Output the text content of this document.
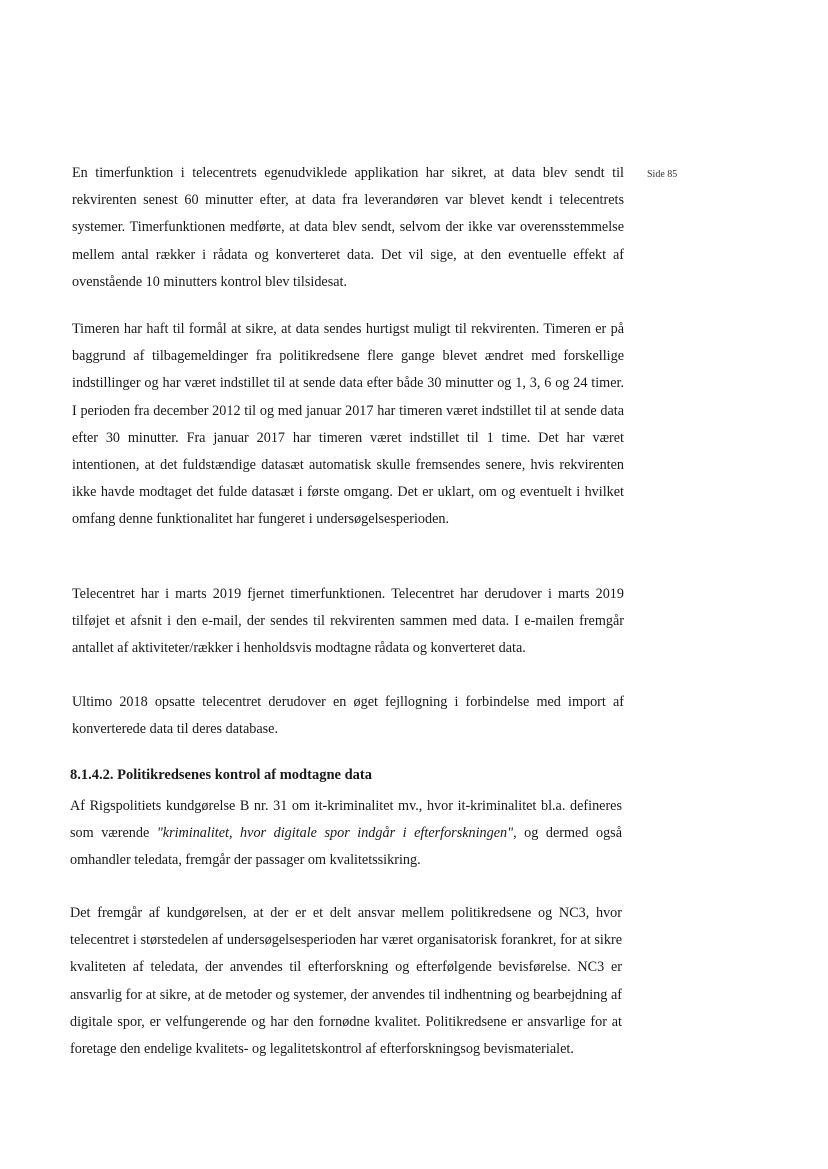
Side 85

En timerfunktion i telecentrets egenudviklede applikation har sikret, at data blev sendt til rekvirenten senest 60 minutter efter, at data fra leverandøren var blevet kendt i telecentrets systemer. Timerfunktionen medførte, at data blev sendt, selvom der ikke var overensstemmelse mellem antal rækker i rådata og konverteret data. Det vil sige, at den eventuelle effekt af ovenstående 10 minutters kontrol blev tilsidesat.

Timeren har haft til formål at sikre, at data sendes hurtigst muligt til rekvirenten. Timeren er på baggrund af tilbagemeldinger fra politikredsene flere gange blevet ændret med forskellige indstillinger og har været indstillet til at sende data efter både 30 minutter og 1, 3, 6 og 24 timer. I perioden fra december 2012 til og med januar 2017 har timeren været indstillet til at sende data efter 30 minutter. Fra januar 2017 har timeren været indstillet til 1 time. Det har været intentionen, at det fuldstændige datasæt automatisk skulle fremsendes senere, hvis rekvirenten ikke havde modtaget det fulde datasæt i første omgang. Det er uklart, om og eventuelt i hvilket omfang denne funktionalitet har fungeret i undersøgelsesperioden.

Telecentret har i marts 2019 fjernet timerfunktionen. Telecentret har derudover i marts 2019 tilføjet et afsnit i den e-mail, der sendes til rekvirenten sammen med data. I e-mailen fremgår antallet af aktiviteter/rækker i henholdsvis modtagne rådata og konverteret data.

Ultimo 2018 opsatte telecentret derudover en øget fejllogning i forbindelse med import af konverterede data til deres database.

8.1.4.2. Politikredsenes kontrol af modtagne data

Af Rigspolitiets kundgørelse B nr. 31 om it-kriminalitet mv., hvor it-kriminalitet bl.a. defineres som værende "kriminalitet, hvor digitale spor indgår i efterforskningen", og dermed også omhandler teledata, fremgår der passager om kvalitetssikring.

Det fremgår af kundgørelsen, at der er et delt ansvar mellem politikredsene og NC3, hvor telecentret i størstedelen af undersøgelsesperioden har været organisatorisk forankret, for at sikre kvaliteten af teledata, der anvendes til efterforskning og efterfølgende bevisførelse. NC3 er ansvarlig for at sikre, at de metoder og systemer, der anvendes til indhentning og bearbejdning af digitale spor, er velfungerende og har den fornødne kvalitet. Politikredsene er ansvarlige for at foretage den endelige kvalitets- og legalitetskontrol af efterforskningsog bevismaterialet.
